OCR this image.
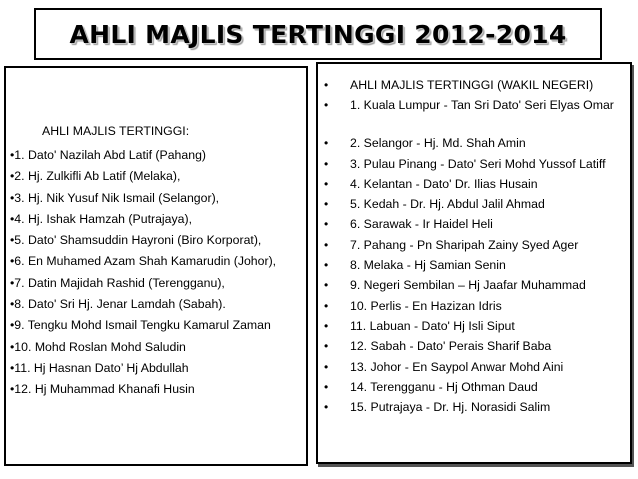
AHLI MAJLIS TERTINGGI 2012-2014
AHLI MAJLIS TERTINGGI:
•1. Dato' Nazilah Abd Latif (Pahang)
•2. Hj. Zulkifli Ab Latif (Melaka),
•3. Hj. Nik Yusuf Nik Ismail (Selangor),
•4. Hj. Ishak Hamzah (Putrajaya),
•5. Dato' Shamsuddin Hayroni (Biro Korporat),
•6. En Muhamed Azam Shah Kamarudin (Johor),
•7. Datin Majidah Rashid (Terengganu),
•8. Dato' Sri Hj. Jenar Lamdah (Sabah).
•9. Tengku Mohd Ismail Tengku Kamarul Zaman
•10. Mohd Roslan Mohd Saludin
•11. Hj Hasnan Dato’ Hj Abdullah
•12. Hj Muhammad Khanafi Husin
• AHLI MAJLIS TERTINGGI (WAKIL NEGERI)
• 1. Kuala Lumpur - Tan Sri Dato' Seri Elyas Omar
• 2. Selangor - Hj. Md. Shah Amin
• 3. Pulau Pinang - Dato' Seri Mohd Yussof Latiff
• 4. Kelantan - Dato' Dr. Ilias Husain
• 5. Kedah - Dr. Hj. Abdul Jalil Ahmad
• 6. Sarawak - Ir Haidel Heli
• 7. Pahang - Pn Sharipah Zainy Syed Ager
• 8. Melaka - Hj Samian Senin
• 9. Negeri Sembilan – Hj Jaafar Muhammad
• 10. Perlis - En Hazizan Idris
• 11. Labuan - Dato' Hj Isli Siput
• 12. Sabah - Dato' Perais Sharif Baba
• 13. Johor - En Saypol Anwar Mohd Aini
• 14. Terengganu - Hj Othman Daud
• 15. Putrajaya - Dr. Hj. Norasidi Salim
